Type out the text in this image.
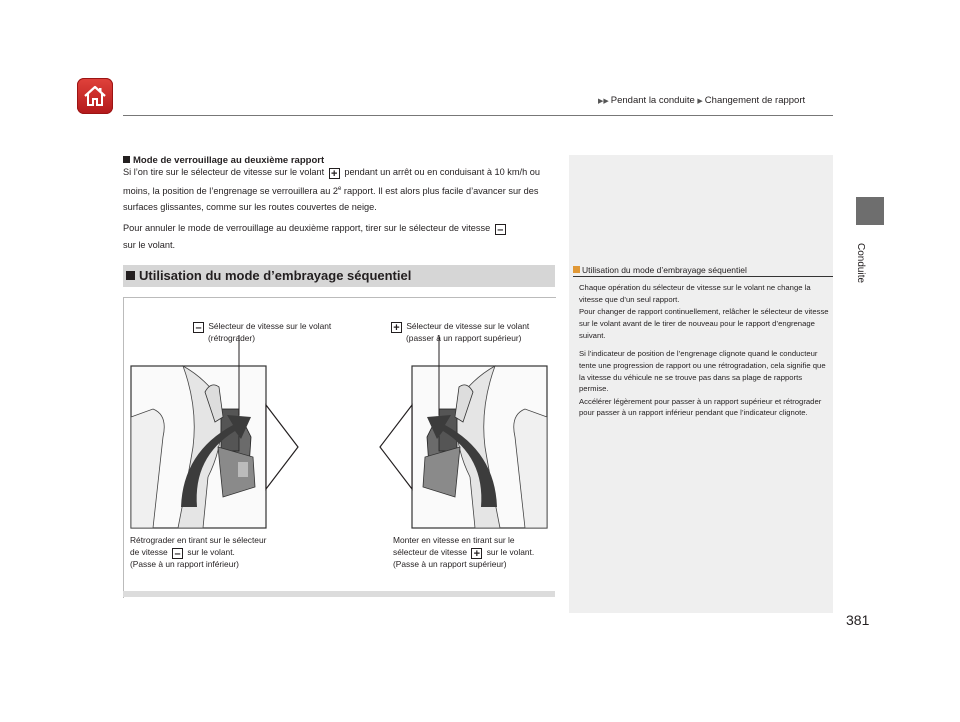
▶▶ Pendant la conduite ▶ Changement de rapport
Conduite
Mode de verrouillage au deuxième rapport
Si l’on tire sur le sélecteur de vitesse sur le volant + pendant un arrêt ou en conduisant à 10 km/h ou moins, la position de l’engrenage se verrouillera au 2e rapport. Il est alors plus facile d’avancer sur des surfaces glissantes, comme sur les routes couvertes de neige.
Pour annuler le mode de verrouillage au deuxième rapport, tirer sur le sélecteur de vitesse –
sur le volant.
Utilisation du mode d’embrayage séquentiel
– Sélecteur de vitesse sur le volant
(rétrograder)
+ Sélecteur de vitesse sur le volant
(passer à un rapport supérieur)
Rétrograder en tirant sur le sélecteur
de vitesse – sur le volant.
(Passe à un rapport inférieur)
Monter en vitesse en tirant sur le
sélecteur de vitesse + sur le volant.
(Passe à un rapport supérieur)
Utilisation du mode d’embrayage séquentiel

Chaque opération du sélecteur de vitesse sur le volant ne change la vitesse que d’un seul rapport.

Pour changer de rapport continuellement, relâcher le sélecteur de vitesse sur le volant avant de le tirer de nouveau pour le rapport d’engrenage suivant.

Si l’indicateur de position de l’engrenage clignote quand le conducteur tente une progression de rapport ou une rétrogradation, cela signifie que la vitesse du véhicule ne se trouve pas dans sa plage de rapports permise.

Accélérer légèrement pour passer à un rapport supérieur et rétrograder pour passer à un rapport inférieur pendant que l’indicateur clignote.

381
